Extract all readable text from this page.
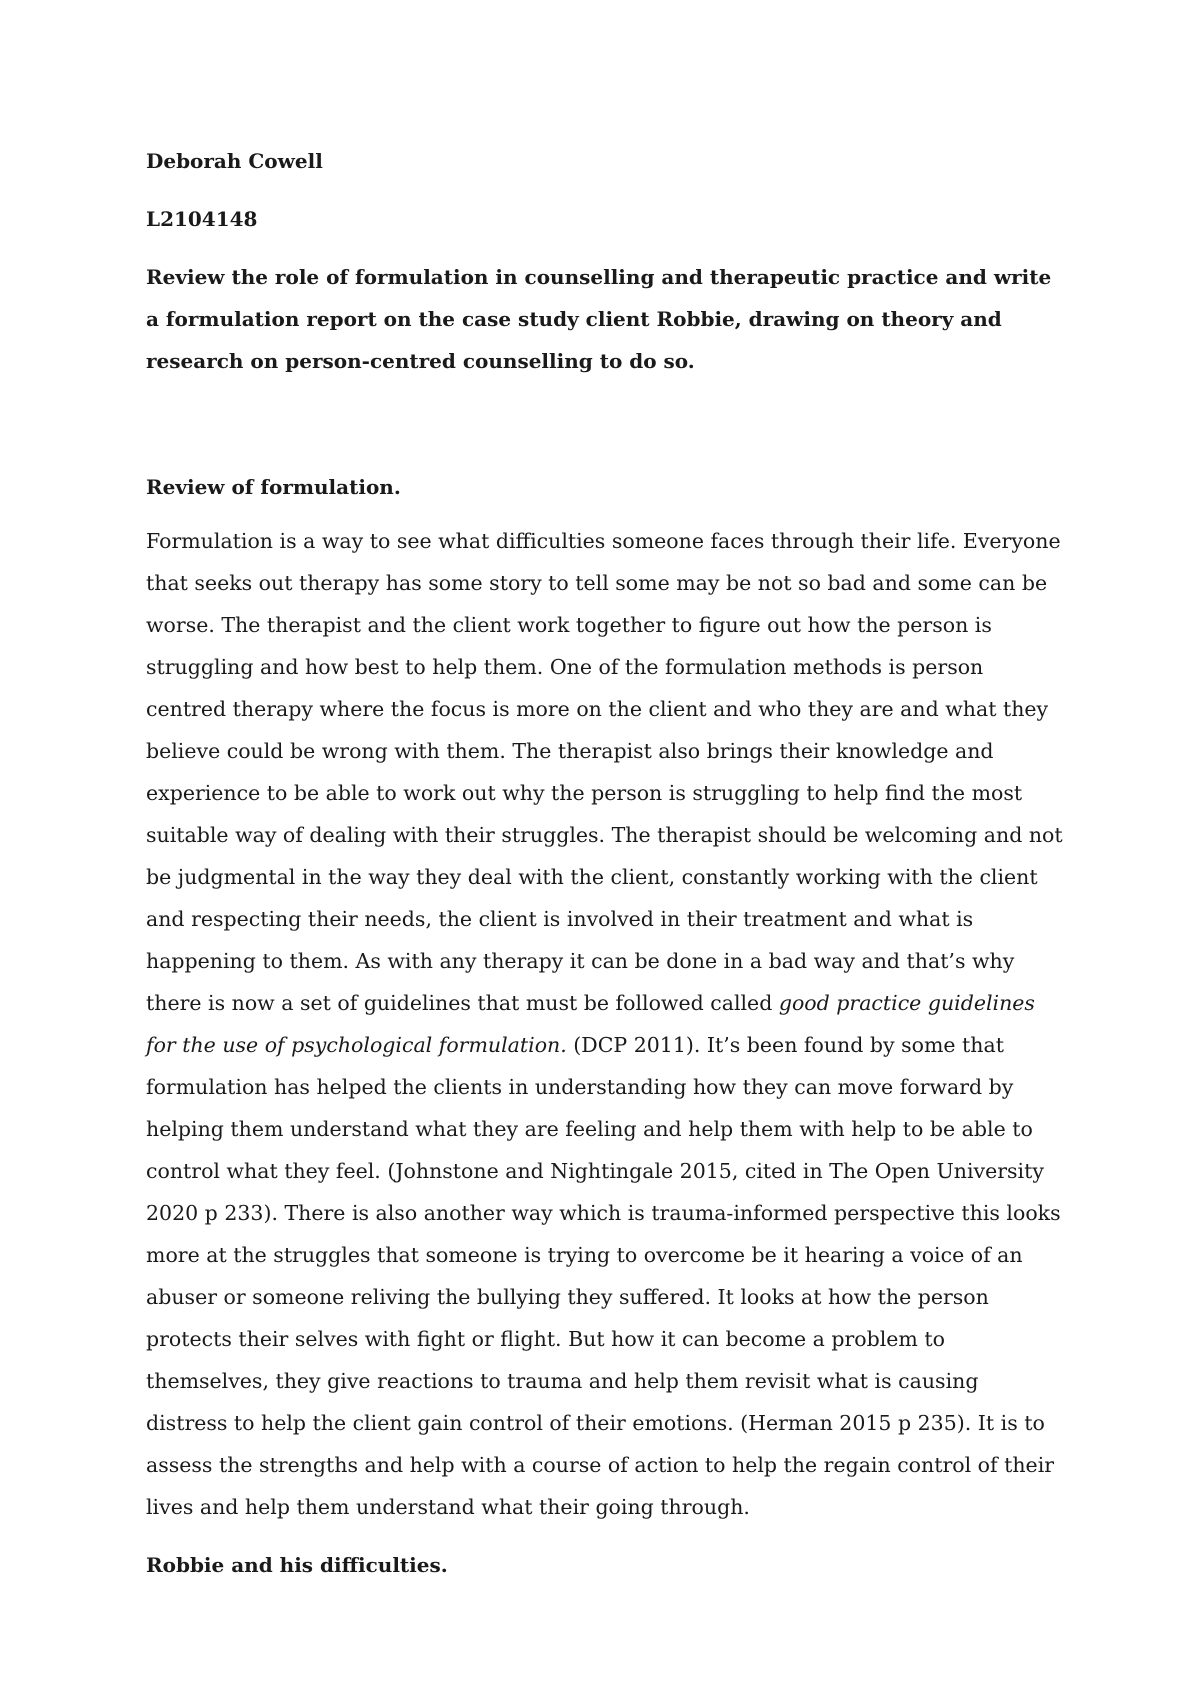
Deborah Cowell

L2104148

Review the role of formulation in counselling and therapeutic practice and write a formulation report on the case study client Robbie, drawing on theory and research on person-centred counselling to do so.

Review of formulation.

Formulation is a way to see what difficulties someone faces through their life. Everyone that seeks out therapy has some story to tell some may be not so bad and some can be worse. The therapist and the client work together to figure out how the person is struggling and how best to help them. One of the formulation methods is person centred therapy where the focus is more on the client and who they are and what they believe could be wrong with them. The therapist also brings their knowledge and experience to be able to work out why the person is struggling to help find the most suitable way of dealing with their struggles. The therapist should be welcoming and not be judgmental in the way they deal with the client, constantly working with the client and respecting their needs, the client is involved in their treatment and what is happening to them. As with any therapy it can be done in a bad way and that’s why there is now a set of guidelines that must be followed called good practice guidelines for the use of psychological formulation. (DCP 2011). It’s been found by some that formulation has helped the clients in understanding how they can move forward by helping them understand what they are feeling and help them with help to be able to control what they feel. (Johnstone and Nightingale 2015, cited in The Open University 2020 p 233). There is also another way which is trauma-informed perspective this looks more at the struggles that someone is trying to overcome be it hearing a voice of an abuser or someone reliving the bullying they suffered. It looks at how the person protects their selves with fight or flight. But how it can become a problem to themselves, they give reactions to trauma and help them revisit what is causing distress to help the client gain control of their emotions. (Herman 2015 p 235). It is to assess the strengths and help with a course of action to help the regain control of their lives and help them understand what their going through.

Robbie and his difficulties.
